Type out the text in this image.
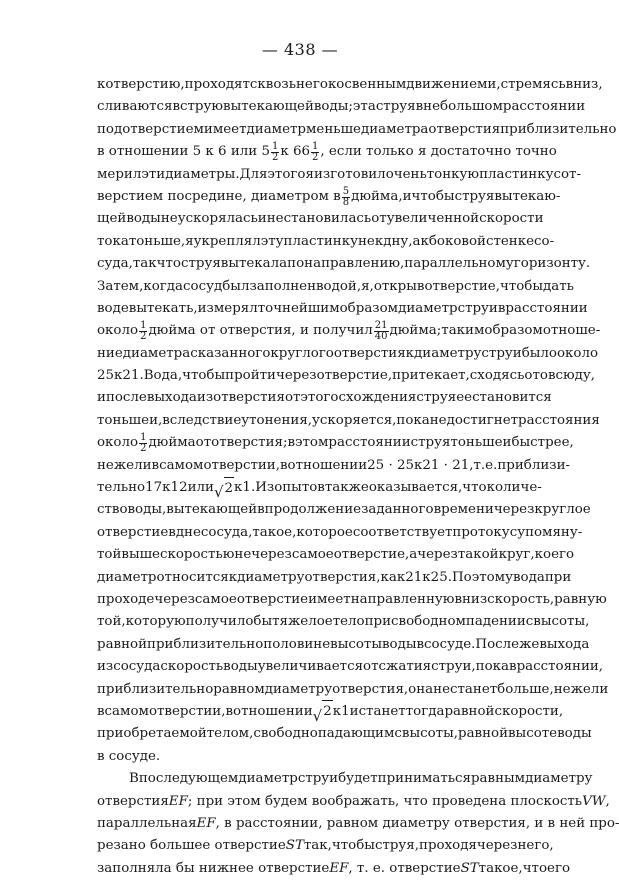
— 438 —
к отверстию, проходят сквозь него косвенным движением и, стремясь вниз,
сливаются в струю вытекающей воды; эта струя в небольшом расстоянии
под отверстием имеет диаметр меньше диаметра отверстия приблизительно
в отношении 5 к 6 или $5 \frac{1}{2}$ к 6 $6 \frac{1}{2}$ , если только я достаточно точно
мерил эти диаметры. Для этого я изготовил очень тонкую пластинку с от-
верстием посредине, диаметром в $\frac{5}{8}$ дюйма, и чтобы струя вытекаю-
щей воды не ускорялась и не становилась от увеличенной скорости
тока тоньше, я укреплял эту пластинку не к дну, а к боковой стенке со-
суда, так что струя вытекала по направлению, параллельному горизонту.
Затем, когда сосуд был заполнен водой, я, открыв отверстие, чтобы дать
воде вытекать, измерял точнейшим образом диаметр струи в расстоянии
около $\frac{1}{2}$ дюйма от отверстия, и получил $\frac{21}{40}$ дюйма; таким образом отноше-
ние диаметра сказанного круглого отверстия к диаметру струи было около
25 к 21. Вода, чтобы пройти через отверстие, притекает, сходясь отовсюду,
и после выхода из отверстия от этого схождения струя ее становится
тоньше и, вследствие утонения, ускоряется, пока не достигнет расстояния
около $\frac{1}{2}$ дюйма от отверстия; в этом расстоянии струя тоньше и быстрее,
нежели в самом отверстии, в отношении 25 · 25 к 21 · 21, т. е. приблизи-
тельно 17 к 12 или √ 2 к 1. Из опытов также оказывается, что количе-
ство воды, вытекающей в продолжение заданного времени через круглое
отверстие в дне сосуда, такое, которое соответствует протоку с упомяну-
той выше скоростью не через самое отверстие, а через такой круг, коего
диаметр относится к диаметру отверстия, как 21 к 25. Поэтому вода при
проходе через самое отверстие имеет направленную вниз скорость, равную
той, которую получило бы тяжелое тело при свободном падении с высоты,
равной приблизительно половине высоты воды в сосуде. После же выхода
из сосуда скорость воды увеличивается от сжатия струи, пока в расстоянии,
приблизительно равном диаметру отверстия, она не станет больше, нежели
в самом отверстии, в отношении √ 2 к 1 и станет тогда равной скорости,
приобретаемой телом, свободно падающим с высоты, равной высоте воды
в сосуде.
В последующем диаметр струи будет приниматься равным диаметру
отверстия EF ; при этом будем воображать, что проведена плоскость VW ,
параллельная EF , в расстоянии, равном диаметру отверстия, и в ней про-
резано большее отверстие ST так, чтобы струя, проходя через него,
заполняла бы нижнее отверстие EF , т. е. отверстие ST такое, что его
